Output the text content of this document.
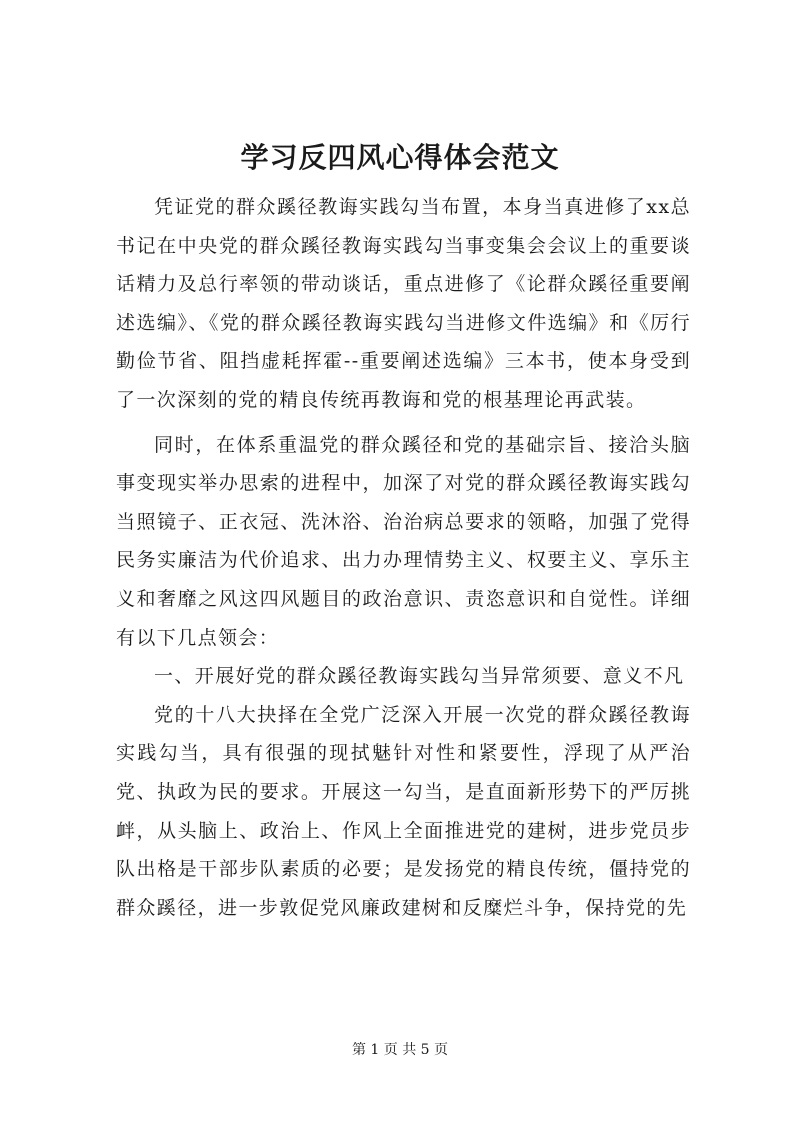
学习反四风心得体会范文

凭证党的群众蹊径教诲实践勾当布置，本身当真进修了xx总书记在中央党的群众蹊径教诲实践勾当事变集会会议上的重要谈话精力及总行率领的带动谈话，重点进修了《论群众蹊径重要阐述选编》、《党的群众蹊径教诲实践勾当进修文件选编》和《厉行勤俭节省、阻挡虚耗挥霍--重要阐述选编》三本书，使本身受到了一次深刻的党的精良传统再教诲和党的根基理论再武装。

同时，在体系重温党的群众蹊径和党的基础宗旨、接洽头脑事变现实举办思索的进程中，加深了对党的群众蹊径教诲实践勾当照镜子、正衣冠、洗沐浴、治治病总要求的领略，加强了党得民务实廉洁为代价追求、出力办理情势主义、权要主义、享乐主义和奢靡之风这四风题目的政治意识、责恣意识和自觉性。详细有以下几点领会：

一、开展好党的群众蹊径教诲实践勾当异常须要、意义不凡

党的十八大抉择在全党广泛深入开展一次党的群众蹊径教诲实践勾当，具有很强的现拭魅针对性和紧要性，浮现了从严治党、执政为民的要求。开展这一勾当，是直面新形势下的严厉挑衅，从头脑上、政治上、作风上全面推进党的建树，进步党员步队出格是干部步队素质的必要；是发扬党的精良传统，僵持党的群众蹊径，进一步敦促党风廉政建树和反糜烂斗争，保持党的先

第 1 页 共 5 页
